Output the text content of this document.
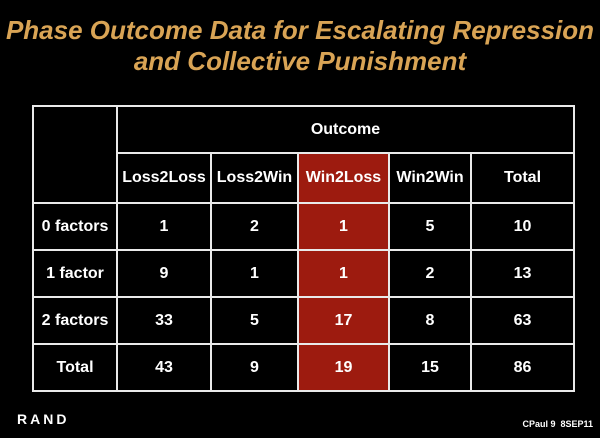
Phase Outcome Data for Escalating Repression
and Collective Punishment
	Outcome				
	Loss2Loss	Loss2Win	Win2Loss	Win2Win	Total
0 factors	1	2	1	5	10
1 factor	9	1	1	2	13
2 factors	33	5	17	8	63
Total	43	9	19	15	86
RAND	CPaul 9  8SEP11
